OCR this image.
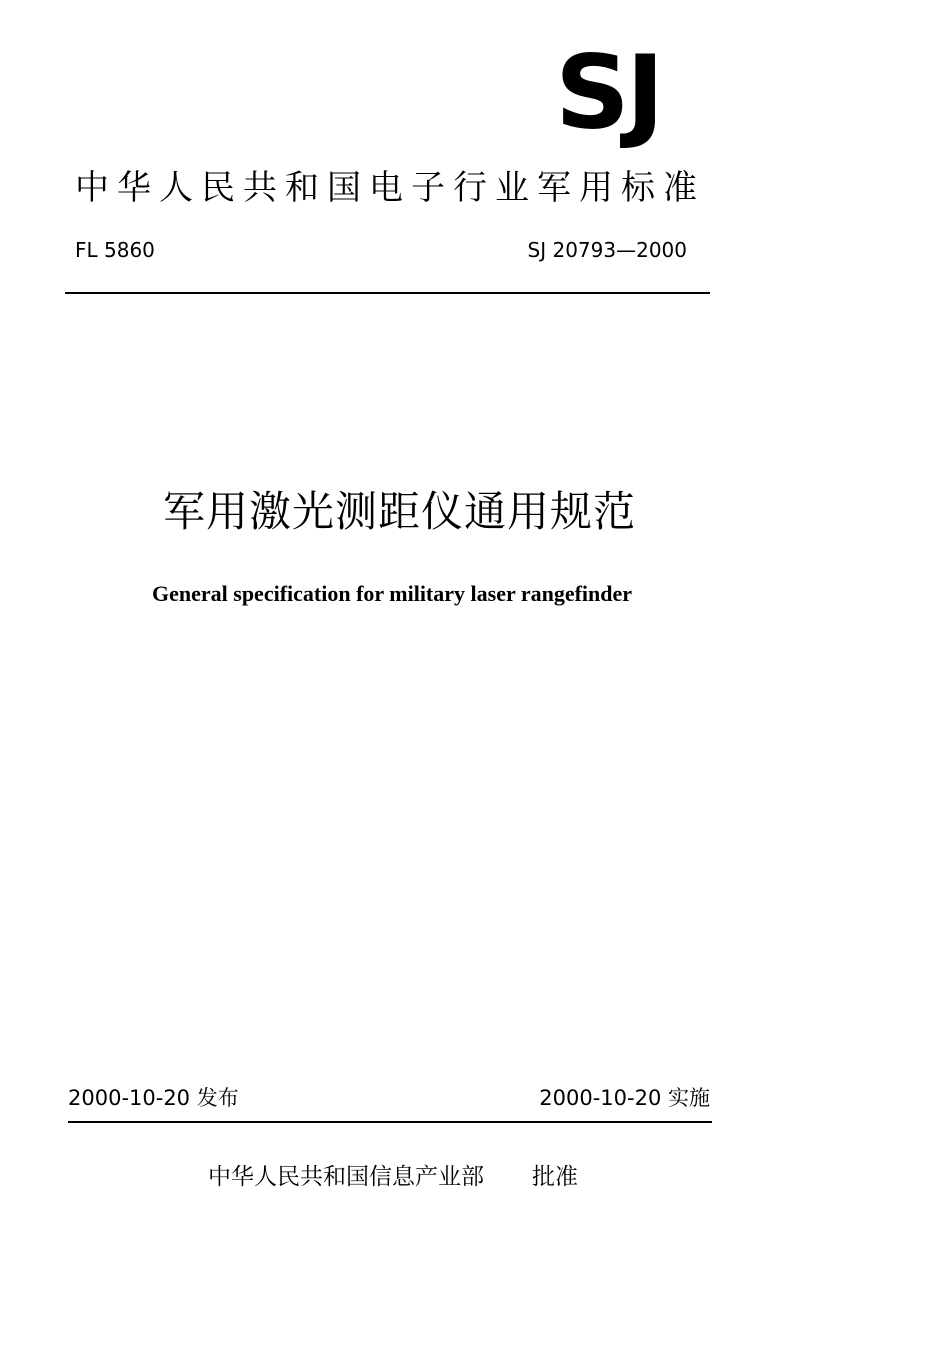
SJ
中华人民共和国电子行业军用标准
FL 5860	SJ 20793—2000
军用激光测距仪通用规范
General specification for military laser rangefinder
2000-10-20 发布	2000-10-20 实施
中华人民共和国信息产业部 批准
